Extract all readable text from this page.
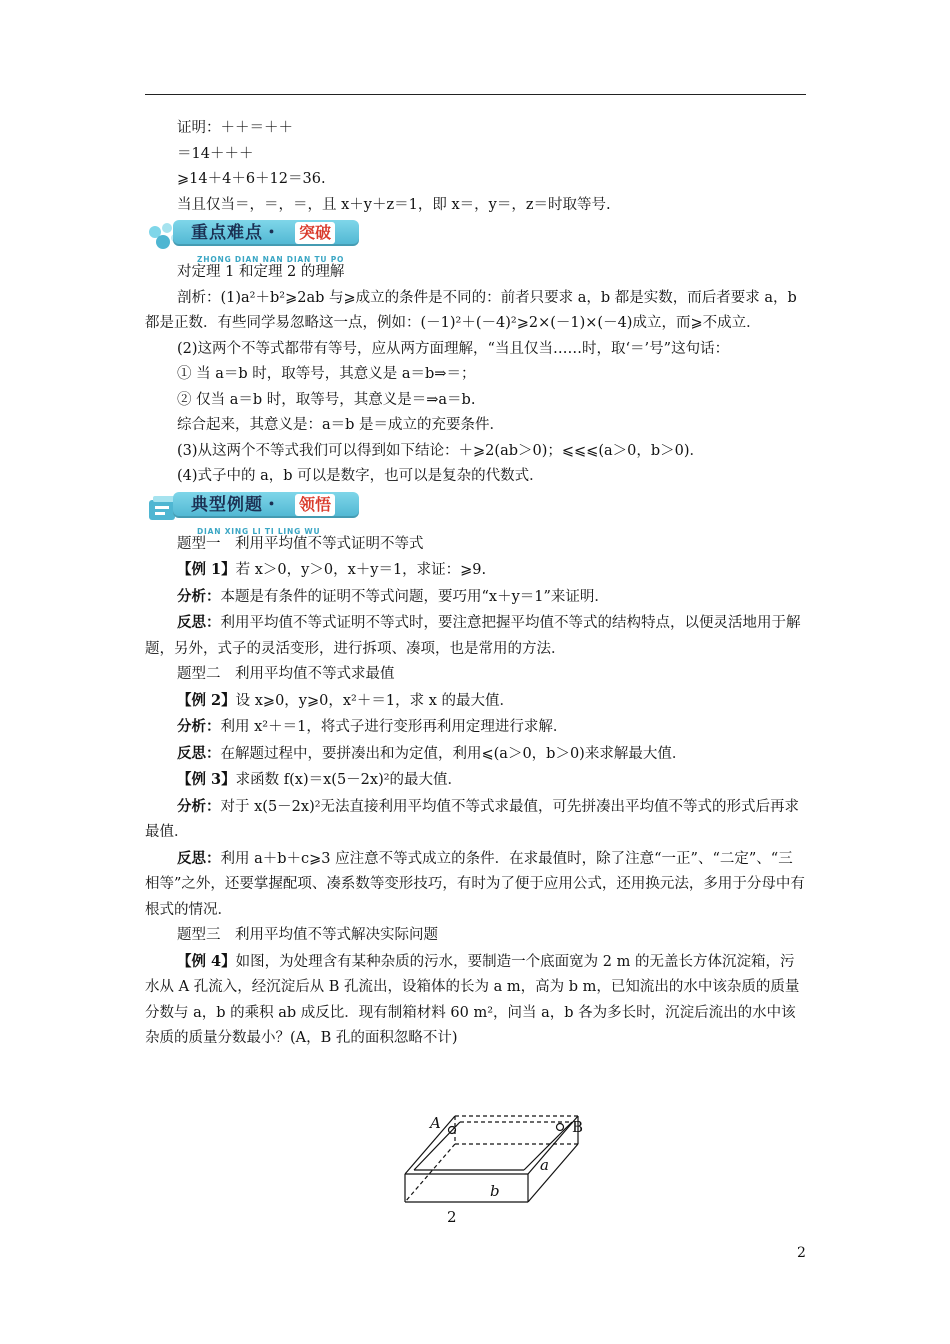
证明：＋＋＝＋＋

＝14＋＋＋

⩾14＋4＋6＋12＝36.

当且仅当＝，＝，＝，且 x＋y＋z＝1，即 x＝，y＝，z＝时取等号.

重点难点・ 突破
ZHONG DIAN NAN DIAN TU PO

对定理 1 和定理 2 的理解

剖析：(1)a²＋b²⩾2ab 与⩾成立的条件是不同的：前者只要求 a，b 都是实数，而后者要求 a，b 都是正数．有些同学易忽略这一点，例如：(－1)²＋(－4)²⩾2×(－1)×(－4)成立，而⩾不成立．

(2)这两个不等式都带有等号，应从两方面理解，“当且仅当……时，取‘＝’号”这句话：

① 当 a＝b 时，取等号，其意义是 a＝b⇒＝；

② 仅当 a＝b 时，取等号，其意义是＝⇒a＝b.

综合起来，其意义是：a＝b 是＝成立的充要条件．

(3)从这两个不等式我们可以得到如下结论：＋⩾2(ab＞0)；⩽⩽⩽(a＞0，b＞0)．

(4)式子中的 a，b 可以是数字，也可以是复杂的代数式．

典型例题・ 领悟
DIAN XING LI TI LING WU

题型一　利用平均值不等式证明不等式

【例 1】若 x＞0，y＞0，x＋y＝1，求证：⩾9.

分析：本题是有条件的证明不等式问题，要巧用“x＋y＝1”来证明．

反思：利用平均值不等式证明不等式时，要注意把握平均值不等式的结构特点，以便灵活地用于解题，另外，式子的灵活变形，进行拆项、凑项，也是常用的方法．

题型二　利用平均值不等式求最值

【例 2】设 x⩾0，y⩾0，x²＋＝1，求 x 的最大值．

分析：利用 x²＋＝1，将式子进行变形再利用定理进行求解．

反思：在解题过程中，要拼凑出和为定值，利用⩽(a＞0，b＞0)来求解最大值．

【例 3】求函数 f(x)＝x(5－2x)²的最大值．

分析：对于 x(5－2x)²无法直接利用平均值不等式求最值，可先拼凑出平均值不等式的形式后再求最值．

反思：利用 a＋b＋c⩾3 应注意不等式成立的条件．在求最值时，除了注意“一正”、“二定”、“三相等”之外，还要掌握配项、凑系数等变形技巧，有时为了便于应用公式，还用换元法，多用于分母中有根式的情况．

题型三　利用平均值不等式解决实际问题

【例 4】如图，为处理含有某种杂质的污水，要制造一个底面宽为 2 m 的无盖长方体沉淀箱，污水从 A 孔流入，经沉淀后从 B 孔流出，设箱体的长为 a m，高为 b m，已知流出的水中该杂质的质量分数与 a，b 的乘积 ab 成反比．现有制箱材料 60 m²，问当 a，b 各为多长时，沉淀后流出的水中该杂质的质量分数最小？(A，B 孔的面积忽略不计)

A	B
a
b
2
2
